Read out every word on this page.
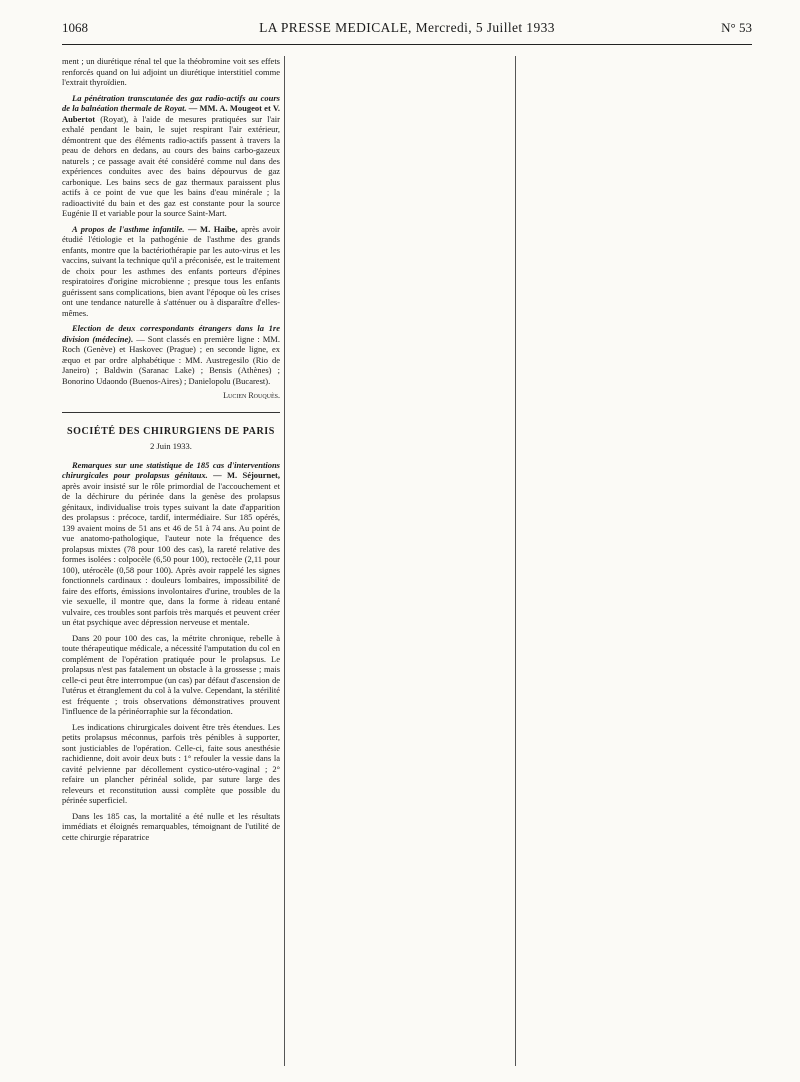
1068	LA PRESSE MEDICALE, Mercredi, 5 Juillet 1933	N° 53

ment ; un diurétique rénal tel que la théobromine voit ses effets renforcés quand on lui adjoint un diurétique interstitiel comme l'extrait thyroïdien.

La pénétration transcutanée des gaz radio-actifs au cours de la balnéation thermale de Royat. — MM. A. Mougeot et V. Aubertot (Royat), à l'aide de mesures pratiquées sur l'air exhalé pendant le bain, le sujet respirant l'air extérieur, démontrent que des éléments radio-actifs passent à travers la peau de dehors en dedans, au cours des bains carbo-gazeux naturels ; ce passage avait été considéré comme nul dans des expériences conduites avec des bains dépourvus de gaz carbonique. Les bains secs de gaz thermaux paraissent plus actifs à ce point de vue que les bains d'eau minérale ; la radioactivité du bain et des gaz est constante pour la source Eugénie II et variable pour la source Saint-Mart.

A propos de l'asthme infantile. — M. Haibe, après avoir étudié l'étiologie et la pathogénie de l'asthme des grands enfants, montre que la bactériothérapie par les auto-virus et les vaccins, suivant la technique qu'il a préconisée, est le traitement de choix pour les asthmes des enfants porteurs d'épines respiratoires d'origine microbienne ; presque tous les enfants guérissent sans complications, bien avant l'époque où les crises ont une tendance naturelle à s'atténuer ou à disparaître d'elles-mêmes.

Election de deux correspondants étrangers dans la 1re division (médecine). — Sont classés en première ligne : MM. Roch (Genève) et Haskovec (Prague) ; en seconde ligne, ex æquo et par ordre alphabétique : MM. Austregesilo (Rio de Janeiro) ; Baldwin (Saranac Lake) ; Bensis (Athènes) ; Bonorino Udaondo (Buenos-Aires) ; Danielopolu (Bucarest).

Lucien Rouquès.
SOCIÉTÉ DES CHIRURGIENS DE PARIS
2 Juin 1933.

Remarques sur une statistique de 185 cas d'interventions chirurgicales pour prolapsus génitaux. — M. Séjournet, après avoir insisté sur le rôle primordial de l'accouchement et de la déchirure du périnée dans la genèse des prolapsus génitaux, individualise trois types suivant la date d'apparition des prolapsus : précoce, tardif, intermédiaire. Sur 185 opérés, 139 avaient moins de 51 ans et 46 de 51 à 74 ans. Au point de vue anatomo-pathologique, l'auteur note la fréquence des prolapsus mixtes (78 pour 100 des cas), la rareté relative des formes isolées : colpocèle (6,50 pour 100), rectocèle (2,11 pour 100), utérocèle (0,58 pour 100). Après avoir rappelé les signes fonctionnels cardinaux : douleurs lombaires, impossibilité de faire des efforts, émissions involontaires d'urine, troubles de la vie sexuelle, il montre que, dans la forme à rideau entané vulvaire, ces troubles sont parfois très marqués et peuvent créer un état psychique avec dépression nerveuse et mentale.

Dans 20 pour 100 des cas, la métrite chronique, rebelle à toute thérapeutique médicale, a nécessité l'amputation du col en complément de l'opération pratiquée pour le prolapsus. Le prolapsus n'est pas fatalement un obstacle à la grossesse ; mais celle-ci peut être interrompue (un cas) par défaut d'ascension de l'utérus et étranglement du col à la vulve. Cependant, la stérilité est fréquente ; trois observations démonstratives prouvent l'influence de la périnéorraphie sur la fécondation.

Les indications chirurgicales doivent être très étendues. Les petits prolapsus méconnus, parfois très pénibles à supporter, sont justiciables de l'opération. Celle-ci, faite sous anesthésie rachidienne, doit avoir deux buts : 1° refouler la vessie dans la cavité pelvienne par décollement cystico-utéro-vaginal ; 2° refaire un plancher périnéal solide, par suture large des releveurs et reconstitution aussi complète que possible du périnée superficiel.

Dans les 185 cas, la mortalité a été nulle et les résultats immédiats et éloignés remarquables, témoignant de l'utilité de cette chirurgie réparatrice
